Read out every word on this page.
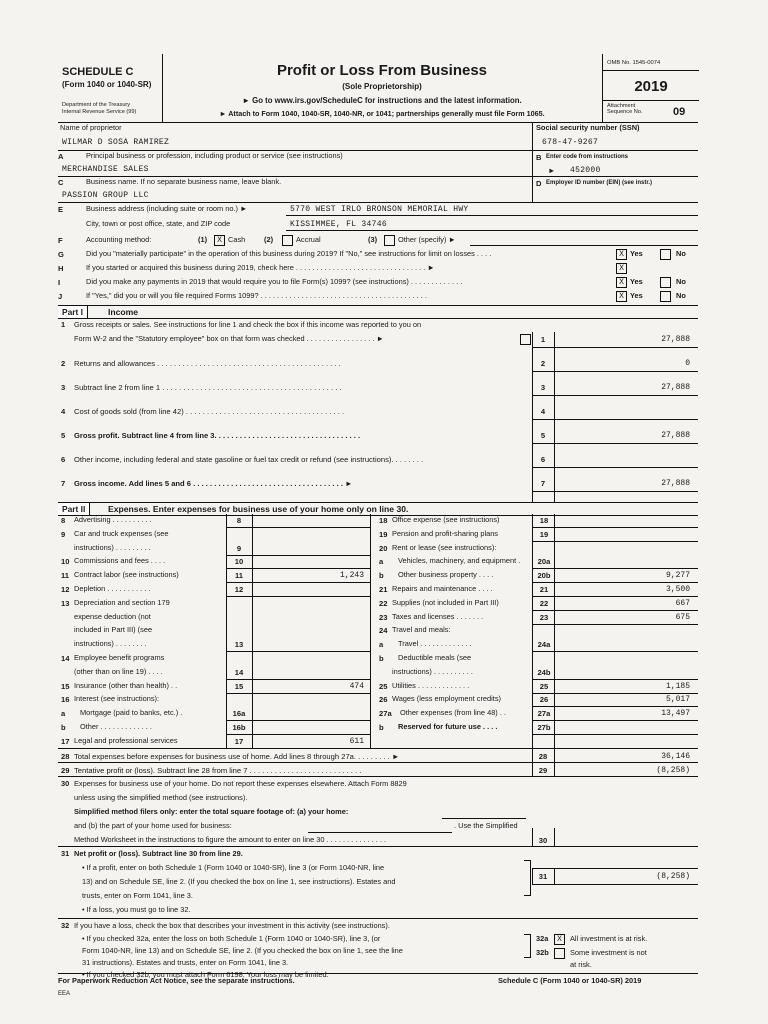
SCHEDULE C
(Form 1040 or 1040-SR)
Department of the Treasury
Internal Revenue Service (99)
Profit or Loss From Business
(Sole Proprietorship)
► Go to www.irs.gov/ScheduleC for instructions and the latest information.
► Attach to Form 1040, 1040-SR, 1040-NR, or 1041; partnerships generally must file Form 1065.
OMB No. 1545-0074
2019
Attachment
Sequence No.	09
Name of proprietor	Social security number (SSN)
WILMAR D SOSA RAMIREZ	678-47-9267
A	Principal business or profession, including product or service (see instructions)	B Enter code from instructions
MERCHANDISE SALES	► 452000
C	Business name. If no separate business name, leave blank.	D Employer ID number (EIN) (see instr.)
PASSION GROUP LLC
E	Business address (including suite or room no.) ►	5770 WEST IRLO BRONSON MEMORIAL HWY
City, town or post office, state, and ZIP code	KISSIMMEE, FL 34746
F	Accounting method:	(1)	X Cash	(2)	Accrual	(3)	Other (specify) ►
G	Did you "materially participate" in the operation of this business during 2019? If "No," see instructions for limit on losses . . . .	X Yes	No
H	If you started or acquired this business during 2019, check here . . . . . . . . . . . . . . . . . . . . . . . . . . . . . . . . ►	X
I	Did you make any payments in 2019 that would require you to file Form(s) 1099? (see instructions) . . . . . . . . . . . . .	X Yes	No
J	If "Yes," did you or will you file required Forms 1099? . . . . . . . . . . . . . . . . . . . . . . . . . . . . . . . . . . . . . . . . .	X Yes	No
Part I	Income
1 Gross receipts or sales. See instructions for line 1 and check the box if this income was reported to you on
Form W-2 and the "Statutory employee" box on that form was checked . . . . . . . . . . . . . . . . . ►	1	27,888
2 Returns and allowances . . . . . . . . . . . . . . . . . . . . . . . . . . . . . . . . . . . . . . . . . . . .	2	0
3 Subtract line 2 from line 1 . . . . . . . . . . . . . . . . . . . . . . . . . . . . . . . . . . . . . . . . . . .	3	27,888
4 Cost of goods sold (from line 42) . . . . . . . . . . . . . . . . . . . . . . . . . . . . . . . . . . . . . .	4
5 Gross profit. Subtract line 4 from line 3. . . . . . . . . . . . . . . . . . . . . . . . . . . . . . . . . . .	5	27,888
6 Other income, including federal and state gasoline or fuel tax credit or refund (see instructions). . . . . . . .	6
7 Gross income. Add lines 5 and 6 . . . . . . . . . . . . . . . . . . . . . . . . . . . . . . . . . . . . ►	7	27,888
Part II	Expenses. Enter expenses for business use of your home only on line 30.
8 Advertising . . . . . . . . . .	8
9 Car and truck expenses (see
instructions) . . . . . . . . .	9
10 Commissions and fees . . . .	10
11 Contract labor (see instructions)	11	1,243
12 Depletion . . . . . . . . . . .	12
13 Depreciation and section 179
expense deduction (not
included in Part III) (see
instructions) . . . . . . . .	13
14 Employee benefit programs
(other than on line 19) . . . .	14
15 Insurance (other than health) . .	15	474
16 Interest (see instructions):
a Mortgage (paid to banks, etc.) .	16a
b Other . . . . . . . . . . . . .	16b
17 Legal and professional services	17	611
18 Office expense (see instructions)	18
19 Pension and profit-sharing plans	19
20 Rent or lease (see instructions):
a Vehicles, machinery, and equipment .	20a
b Other business property . . . .	20b	9,277
21 Repairs and maintenance . . . .	21	3,500
22 Supplies (not included in Part III)	22	667
23 Taxes and licenses . . . . . . .	23	675
24 Travel and meals:
a Travel . . . . . . . . . . . . .	24a
b Deductible meals (see
instructions) . . . . . . . . . .	24b
25 Utilities . . . . . . . . . . . . .	25	1,185
26 Wages (less employment credits)	26	5,017
27a Other expenses (from line 48) . .	27a	13,497
b Reserved for future use . . . .	27b
28 Total expenses before expenses for business use of home. Add lines 8 through 27a. . . . . . . . . ►	28	36,146
29 Tentative profit or (loss). Subtract line 28 from line 7 . . . . . . . . . . . . . . . . . . . . . . . . . . .	29	(8,258)
30 Expenses for business use of your home. Do not report these expenses elsewhere. Attach Form 8829
unless using the simplified method (see instructions).
Simplified method filers only: enter the total square footage of: (a) your home:
and (b) the part of your home used for business:	. Use the Simplified
Method Worksheet in the instructions to figure the amount to enter on line 30 . . . . . . . . . . . . . . .	30
31 Net profit or (loss). Subtract line 30 from line 29.
• If a profit, enter on both Schedule 1 (Form 1040 or 1040-SR), line 3 (or Form 1040-NR, line
13) and on Schedule SE, line 2. (If you checked the box on line 1, see instructions). Estates and
trusts, enter on Form 1041, line 3.
• If a loss, you must go to line 32.
31	(8,258)
32 If you have a loss, check the box that describes your investment in this activity (see instructions).
• If you checked 32a, enter the loss on both Schedule 1 (Form 1040 or 1040-SR), line 3, (or
Form 1040-NR, line 13) and on Schedule SE, line 2. (If you checked the box on line 1, see the line
31 instructions). Estates and trusts, enter on Form 1041, line 3.
32a	X	All investment is at risk.
32b	Some investment is not
at risk.
For Paperwork Reduction Act Notice, see the separate instructions.	Schedule C (Form 1040 or 1040-SR) 2019
EEA
• If you checked 32b, you must attach Form 6198. Your loss may be limited.
